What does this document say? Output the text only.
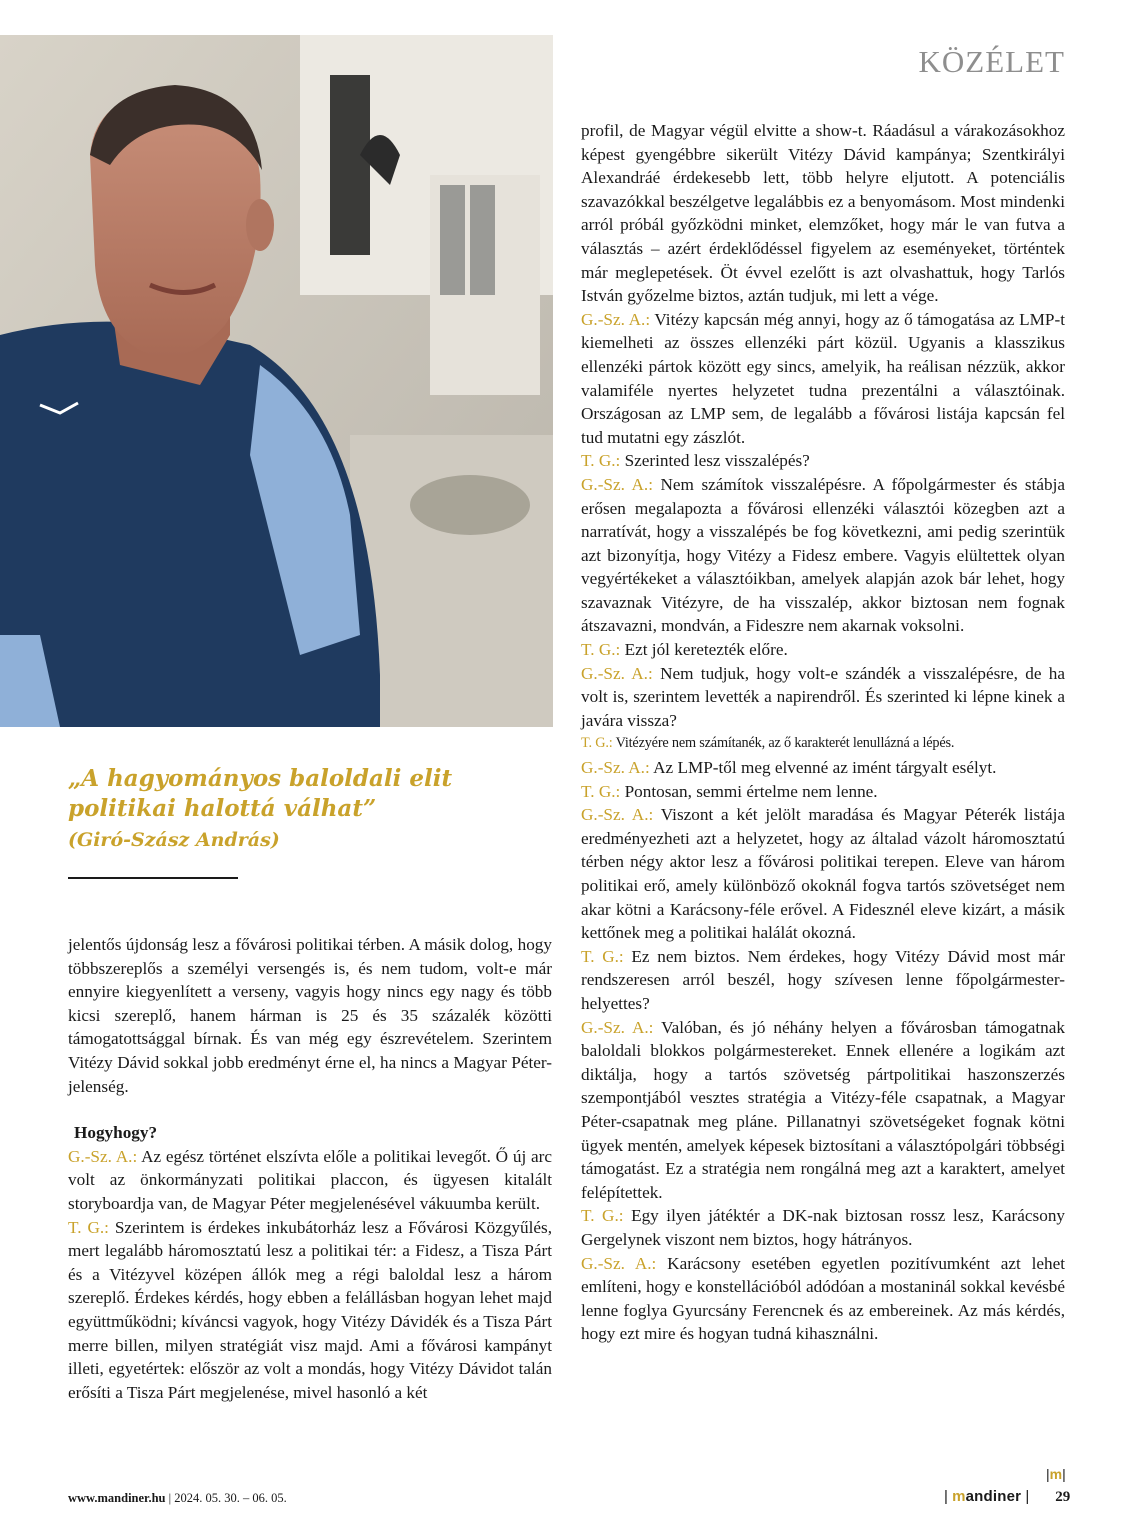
KÖZÉLET
„A hagyományos baloldali elit politikai halottá válhat”
(Giró-Szász András)

jelentős újdonság lesz a fővárosi politikai térben. A másik dolog, hogy többszereplős a személyi versengés is, és nem tudom, volt-e már ennyire kiegyenlített a verseny, vagyis hogy nincs egy nagy és több kicsi szereplő, hanem hárman is 25 és 35 százalék közötti támogatottsággal bírnak. És van még egy észrevételem. Szerintem Vitézy Dávid sokkal jobb eredményt érne el, ha nincs a Magyar Péter-jelenség.

Hogyhogy?

G.-Sz. A.: Az egész történet elszívta előle a politikai levegőt. Ő új arc volt az önkormányzati politikai placcon, és ügyesen kitalált storyboardja van, de Magyar Péter megjelenésével vákuumba került.

T. G.: Szerintem is érdekes inkubátorház lesz a Fővárosi Közgyűlés, mert legalább háromosztatú lesz a politikai tér: a Fidesz, a Tisza Párt és a Vitézyvel középen állók meg a régi baloldal lesz a három szereplő. Érdekes kérdés, hogy ebben a felállásban hogyan lehet majd együttműködni; kíváncsi vagyok, hogy Vitézy Dávidék és a Tisza Párt merre billen, milyen stratégiát visz majd. Ami a fővárosi kampányt illeti, egyetértek: először az volt a mondás, hogy Vitézy Dávidot talán erősíti a Tisza Párt megjelenése, mivel hasonló a két

profil, de Magyar végül elvitte a show-t. Ráadásul a várakozásokhoz képest gyengébbre sikerült Vitézy Dávid kampánya; Szentkirályi Alexandráé érdekesebb lett, több helyre eljutott. A potenciális szavazókkal beszélgetve legalábbis ez a benyomásom. Most mindenki arról próbál győzködni minket, elemzőket, hogy már le van futva a választás – azért érdeklődéssel figyelem az eseményeket, történtek már meglepetések. Öt évvel ezelőtt is azt olvashattuk, hogy Tarlós István győzelme biztos, aztán tudjuk, mi lett a vége.

G.-Sz. A.: Vitézy kapcsán még annyi, hogy az ő támogatása az LMP-t kiemelheti az összes ellenzéki párt közül. Ugyanis a klasszikus ellenzéki pártok között egy sincs, amelyik, ha reálisan nézzük, akkor valamiféle nyertes helyzetet tudna prezentálni a választóinak. Országosan az LMP sem, de legalább a fővárosi listája kapcsán fel tud mutatni egy zászlót.

T. G.: Szerinted lesz visszalépés?

G.-Sz. A.: Nem számítok visszalépésre. A főpolgármester és stábja erősen megalapozta a fővárosi ellenzéki választói közegben azt a narratívát, hogy a visszalépés be fog következni, ami pedig szerintük azt bizonyítja, hogy Vitézy a Fidesz embere. Vagyis elültettek olyan vegyértékeket a választóikban, amelyek alapján azok bár lehet, hogy szavaznak Vitézyre, de ha visszalép, akkor biztosan nem fognak átszavazni, mondván, a Fideszre nem akarnak voksolni.

T. G.: Ezt jól keretezték előre.

G.-Sz. A.: Nem tudjuk, hogy volt-e szándék a visszalépésre, de ha volt is, szerintem levették a napirendről. És szerinted ki lépne kinek a javára vissza?

T. G.: Vitézyére nem számítanék, az ő karakterét lenullázná a lépés.

G.-Sz. A.: Az LMP-től meg elvenné az imént tárgyalt esélyt.

T. G.: Pontosan, semmi értelme nem lenne.

G.-Sz. A.: Viszont a két jelölt maradása és Magyar Péterék listája eredményezheti azt a helyzetet, hogy az általad vázolt háromosztatú térben négy aktor lesz a fővárosi politikai terepen. Eleve van három politikai erő, amely különböző okoknál fogva tartós szövetséget nem akar kötni a Karácsony-féle erővel. A Fidesznél eleve kizárt, a másik kettőnek meg a politikai halálát okozná.

T. G.: Ez nem biztos. Nem érdekes, hogy Vitézy Dávid most már rendszeresen arról beszél, hogy szívesen lenne főpolgármester-helyettes?

G.-Sz. A.: Valóban, és jó néhány helyen a fővárosban támogatnak baloldali blokkos polgármestereket. Ennek ellenére a logikám azt diktálja, hogy a tartós szövetség pártpolitikai haszonszerzés szempontjából vesztes stratégia a Vitézy-féle csapatnak, a Magyar Péter-csapatnak meg pláne. Pillanatnyi szövetségeket fognak kötni ügyek mentén, amelyek képesek biztosítani a választópolgári többségi támogatást. Ez a stratégia nem rongálná meg azt a karaktert, amelyet felépítettek.

T. G.: Egy ilyen játéktér a DK-nak biztosan rossz lesz, Karácsony Gergelynek viszont nem biztos, hogy hátrányos.

G.-Sz. A.: Karácsony esetében egyetlen pozitívumként azt lehet említeni, hogy e konstellációból adódóan a mostaninál sokkal kevésbé lenne foglya Gyurcsány Ferencnek és az embereinek. Az más kérdés, hogy ezt mire és hogyan tudná kihasználni.

|m|
www.mandiner.hu | 2024. 05. 30. – 06. 05.	| mandiner | 29
